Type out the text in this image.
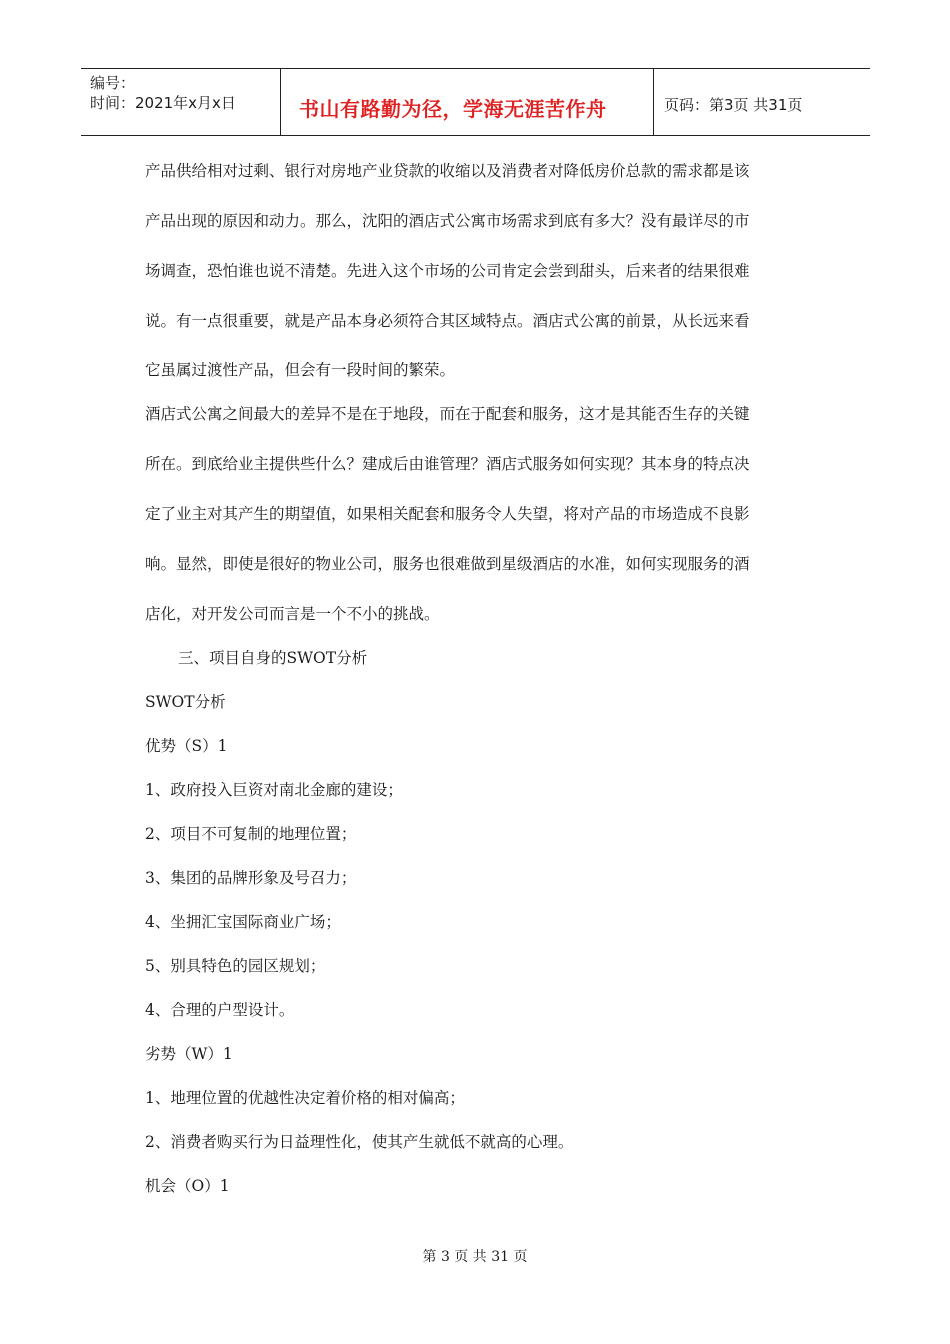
编号：
时间：2021年x月x日	书山有路勤为径，学海无涯苦作舟	页码：第3页 共31页
产品供给相对过剩、银行对房地产业贷款的收缩以及消费者对降低房价总款的需求都是该
产品出现的原因和动力。那么，沈阳的酒店式公寓市场需求到底有多大？没有最详尽的市
场调查，恐怕谁也说不清楚。先进入这个市场的公司肯定会尝到甜头，后来者的结果很难
说。有一点很重要，就是产品本身必须符合其区域特点。酒店式公寓的前景，从长远来看
它虽属过渡性产品，但会有一段时间的繁荣。
酒店式公寓之间最大的差异不是在于地段，而在于配套和服务，这才是其能否生存的关键
所在。到底给业主提供些什么？建成后由谁管理？酒店式服务如何实现？其本身的特点决
定了业主对其产生的期望值，如果相关配套和服务令人失望，将对产品的市场造成不良影
响。显然，即使是很好的物业公司，服务也很难做到星级酒店的水准，如何实现服务的酒
店化，对开发公司而言是一个不小的挑战。
三、项目自身的SWOT分析
SWOT分析
优势（S）1
1、政府投入巨资对南北金廊的建设；
2、项目不可复制的地理位置；
3、集团的品牌形象及号召力；
4、坐拥汇宝国际商业广场；
5、别具特色的园区规划；
4、合理的户型设计。
劣势（W）1
1、地理位置的优越性决定着价格的相对偏高；
2、消费者购买行为日益理性化，使其产生就低不就高的心理。
机会（O）1
第 3 页 共 31 页
